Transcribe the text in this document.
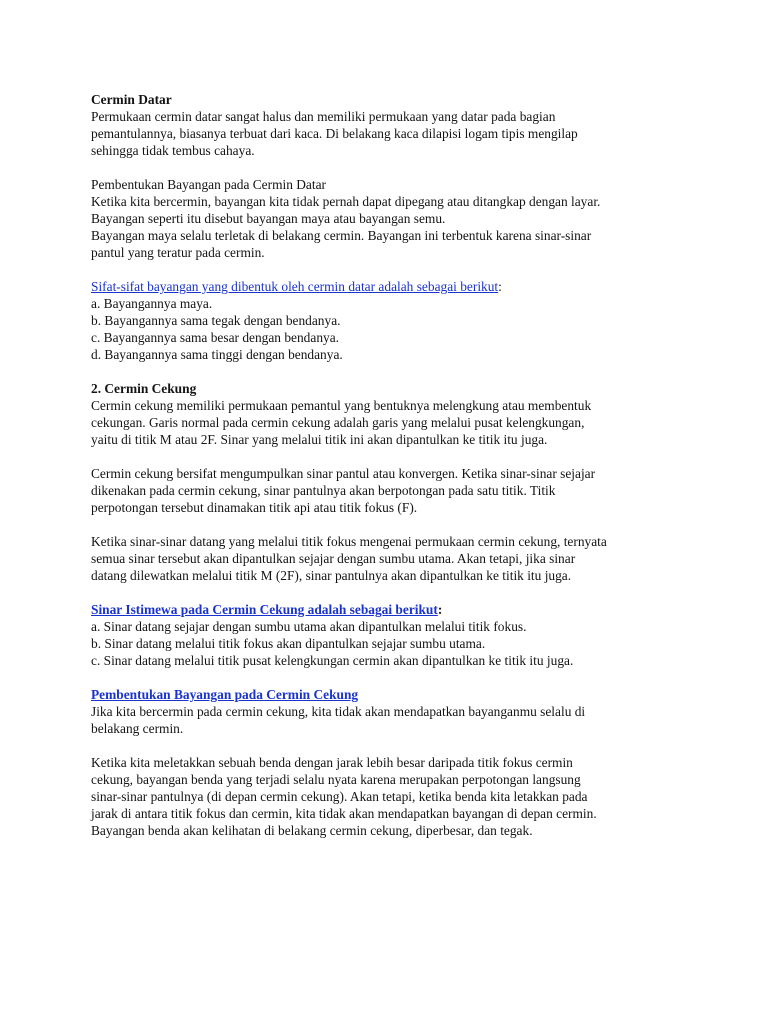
Cermin Datar
Permukaan cermin datar sangat halus dan memiliki permukaan yang datar pada bagian
pemantulannya, biasanya terbuat dari kaca. Di belakang kaca dilapisi logam tipis mengilap
sehingga tidak tembus cahaya.
Pembentukan Bayangan pada Cermin Datar
Ketika kita bercermin, bayangan kita tidak pernah dapat dipegang atau ditangkap dengan layar.
Bayangan seperti itu disebut bayangan maya atau bayangan semu.
Bayangan maya selalu terletak di belakang cermin. Bayangan ini terbentuk karena sinar-sinar
pantul yang teratur pada cermin.
Sifat-sifat bayangan yang dibentuk oleh cermin datar adalah sebagai berikut:
a. Bayangannya maya.
b. Bayangannya sama tegak dengan bendanya.
c. Bayangannya sama besar dengan bendanya.
d. Bayangannya sama tinggi dengan bendanya.
2. Cermin Cekung
Cermin cekung memiliki permukaan pemantul yang bentuknya melengkung atau membentuk
cekungan. Garis normal pada cermin cekung adalah garis yang melalui pusat kelengkungan,
yaitu di titik M atau 2F. Sinar yang melalui titik ini akan dipantulkan ke titik itu juga.
Cermin cekung bersifat mengumpulkan sinar pantul atau konvergen. Ketika sinar-sinar sejajar
dikenakan pada cermin cekung, sinar pantulnya akan berpotongan pada satu titik. Titik
perpotongan tersebut dinamakan titik api atau titik fokus (F).
Ketika sinar-sinar datang yang melalui titik fokus mengenai permukaan cermin cekung, ternyata
semua sinar tersebut akan dipantulkan sejajar dengan sumbu utama. Akan tetapi, jika sinar
datang dilewatkan melalui titik M (2F), sinar pantulnya akan dipantulkan ke titik itu juga.
Sinar Istimewa pada Cermin Cekung adalah sebagai berikut:
a. Sinar datang sejajar dengan sumbu utama akan dipantulkan melalui titik fokus.
b. Sinar datang melalui titik fokus akan dipantulkan sejajar sumbu utama.
c. Sinar datang melalui titik pusat kelengkungan cermin akan dipantulkan ke titik itu juga.
Pembentukan Bayangan pada Cermin Cekung
Jika kita bercermin pada cermin cekung, kita tidak akan mendapatkan bayanganmu selalu di
belakang cermin.
Ketika kita meletakkan sebuah benda dengan jarak lebih besar daripada titik fokus cermin
cekung, bayangan benda yang terjadi selalu nyata karena merupakan perpotongan langsung
sinar-sinar pantulnya (di depan cermin cekung). Akan tetapi, ketika benda kita letakkan pada
jarak di antara titik fokus dan cermin, kita tidak akan mendapatkan bayangan di depan cermin.
Bayangan benda akan kelihatan di belakang cermin cekung, diperbesar, dan tegak.
